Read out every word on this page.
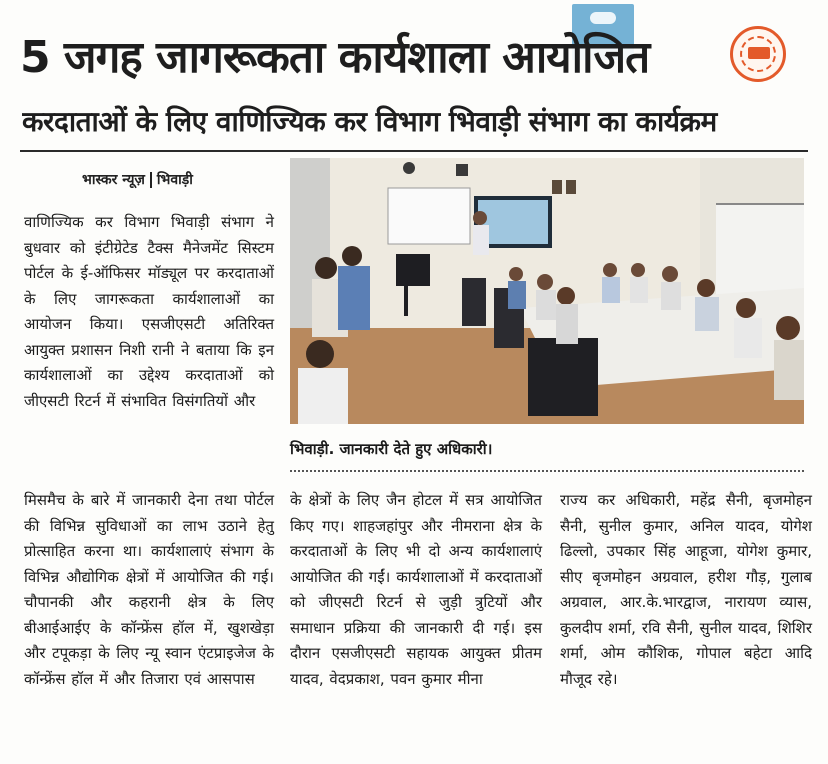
5 जगह जागरूकता कार्यशाला आयोजित
करदाताओं के लिए वाणिज्यिक कर विभाग भिवाड़ी संभाग का कार्यक्रम
भास्कर न्यूज़ भिवाड़ी

वाणिज्यिक कर विभाग भिवाड़ी संभाग ने बुधवार को इंटीग्रेटेड टैक्स मैनेजमेंट सिस्टम पोर्टल के ई-ऑफिसर मॉड्यूल पर करदाताओं के लिए जागरूकता कार्यशालाओं का आयोजन किया। एसजीएसटी अतिरिक्त आयुक्त प्रशासन निशी रानी ने बताया कि इन कार्यशालाओं का उद्देश्य करदाताओं को जीएसटी रिटर्न में संभावित विसंगतियों और

मिसमैच के बारे में जानकारी देना तथा पोर्टल की विभिन्न सुविधाओं का लाभ उठाने हेतु प्रोत्साहित करना था। कार्यशालाएं संभाग के विभिन्न औद्योगिक क्षेत्रों में आयोजित की गई। चौपानकी और कहरानी क्षेत्र के लिए बीआईआईए के कॉन्फ्रेंस हॉल में, खुशखेड़ा और टपूकड़ा के लिए न्यू स्वान एंटप्राइजेज के कॉन्फ्रेंस हॉल में और तिजारा एवं आसपास

के क्षेत्रों के लिए जैन होटल में सत्र आयोजित किए गए। शाहजहांपुर और नीमराना क्षेत्र के करदाताओं के लिए भी दो अन्य कार्यशालाएं आयोजित की गईं। कार्यशालाओं में करदाताओं को जीएसटी रिटर्न से जुड़ी त्रुटियों और समाधान प्रक्रिया की जानकारी दी गई। इस दौरान एसजीएसटी सहायक आयुक्त प्रीतम यादव, वेदप्रकाश, पवन कुमार मीना

राज्य कर अधिकारी, महेंद्र सैनी, बृजमोहन सैनी, सुनील कुमार, अनिल यादव, योगेश ढिल्लो, उपकार सिंह आहूजा, योगेश कुमार, सीए बृजमोहन अग्रवाल, हरीश गौड़, गुलाब अग्रवाल, आर.के.भारद्वाज, नारायण व्यास, कुलदीप शर्मा, रवि सैनी, सुनील यादव, शिशिर शर्मा, ओम कौशिक, गोपाल बहेटा आदि मौजूद रहे।

भिवाड़ी. जानकारी देते हुए अधिकारी।
